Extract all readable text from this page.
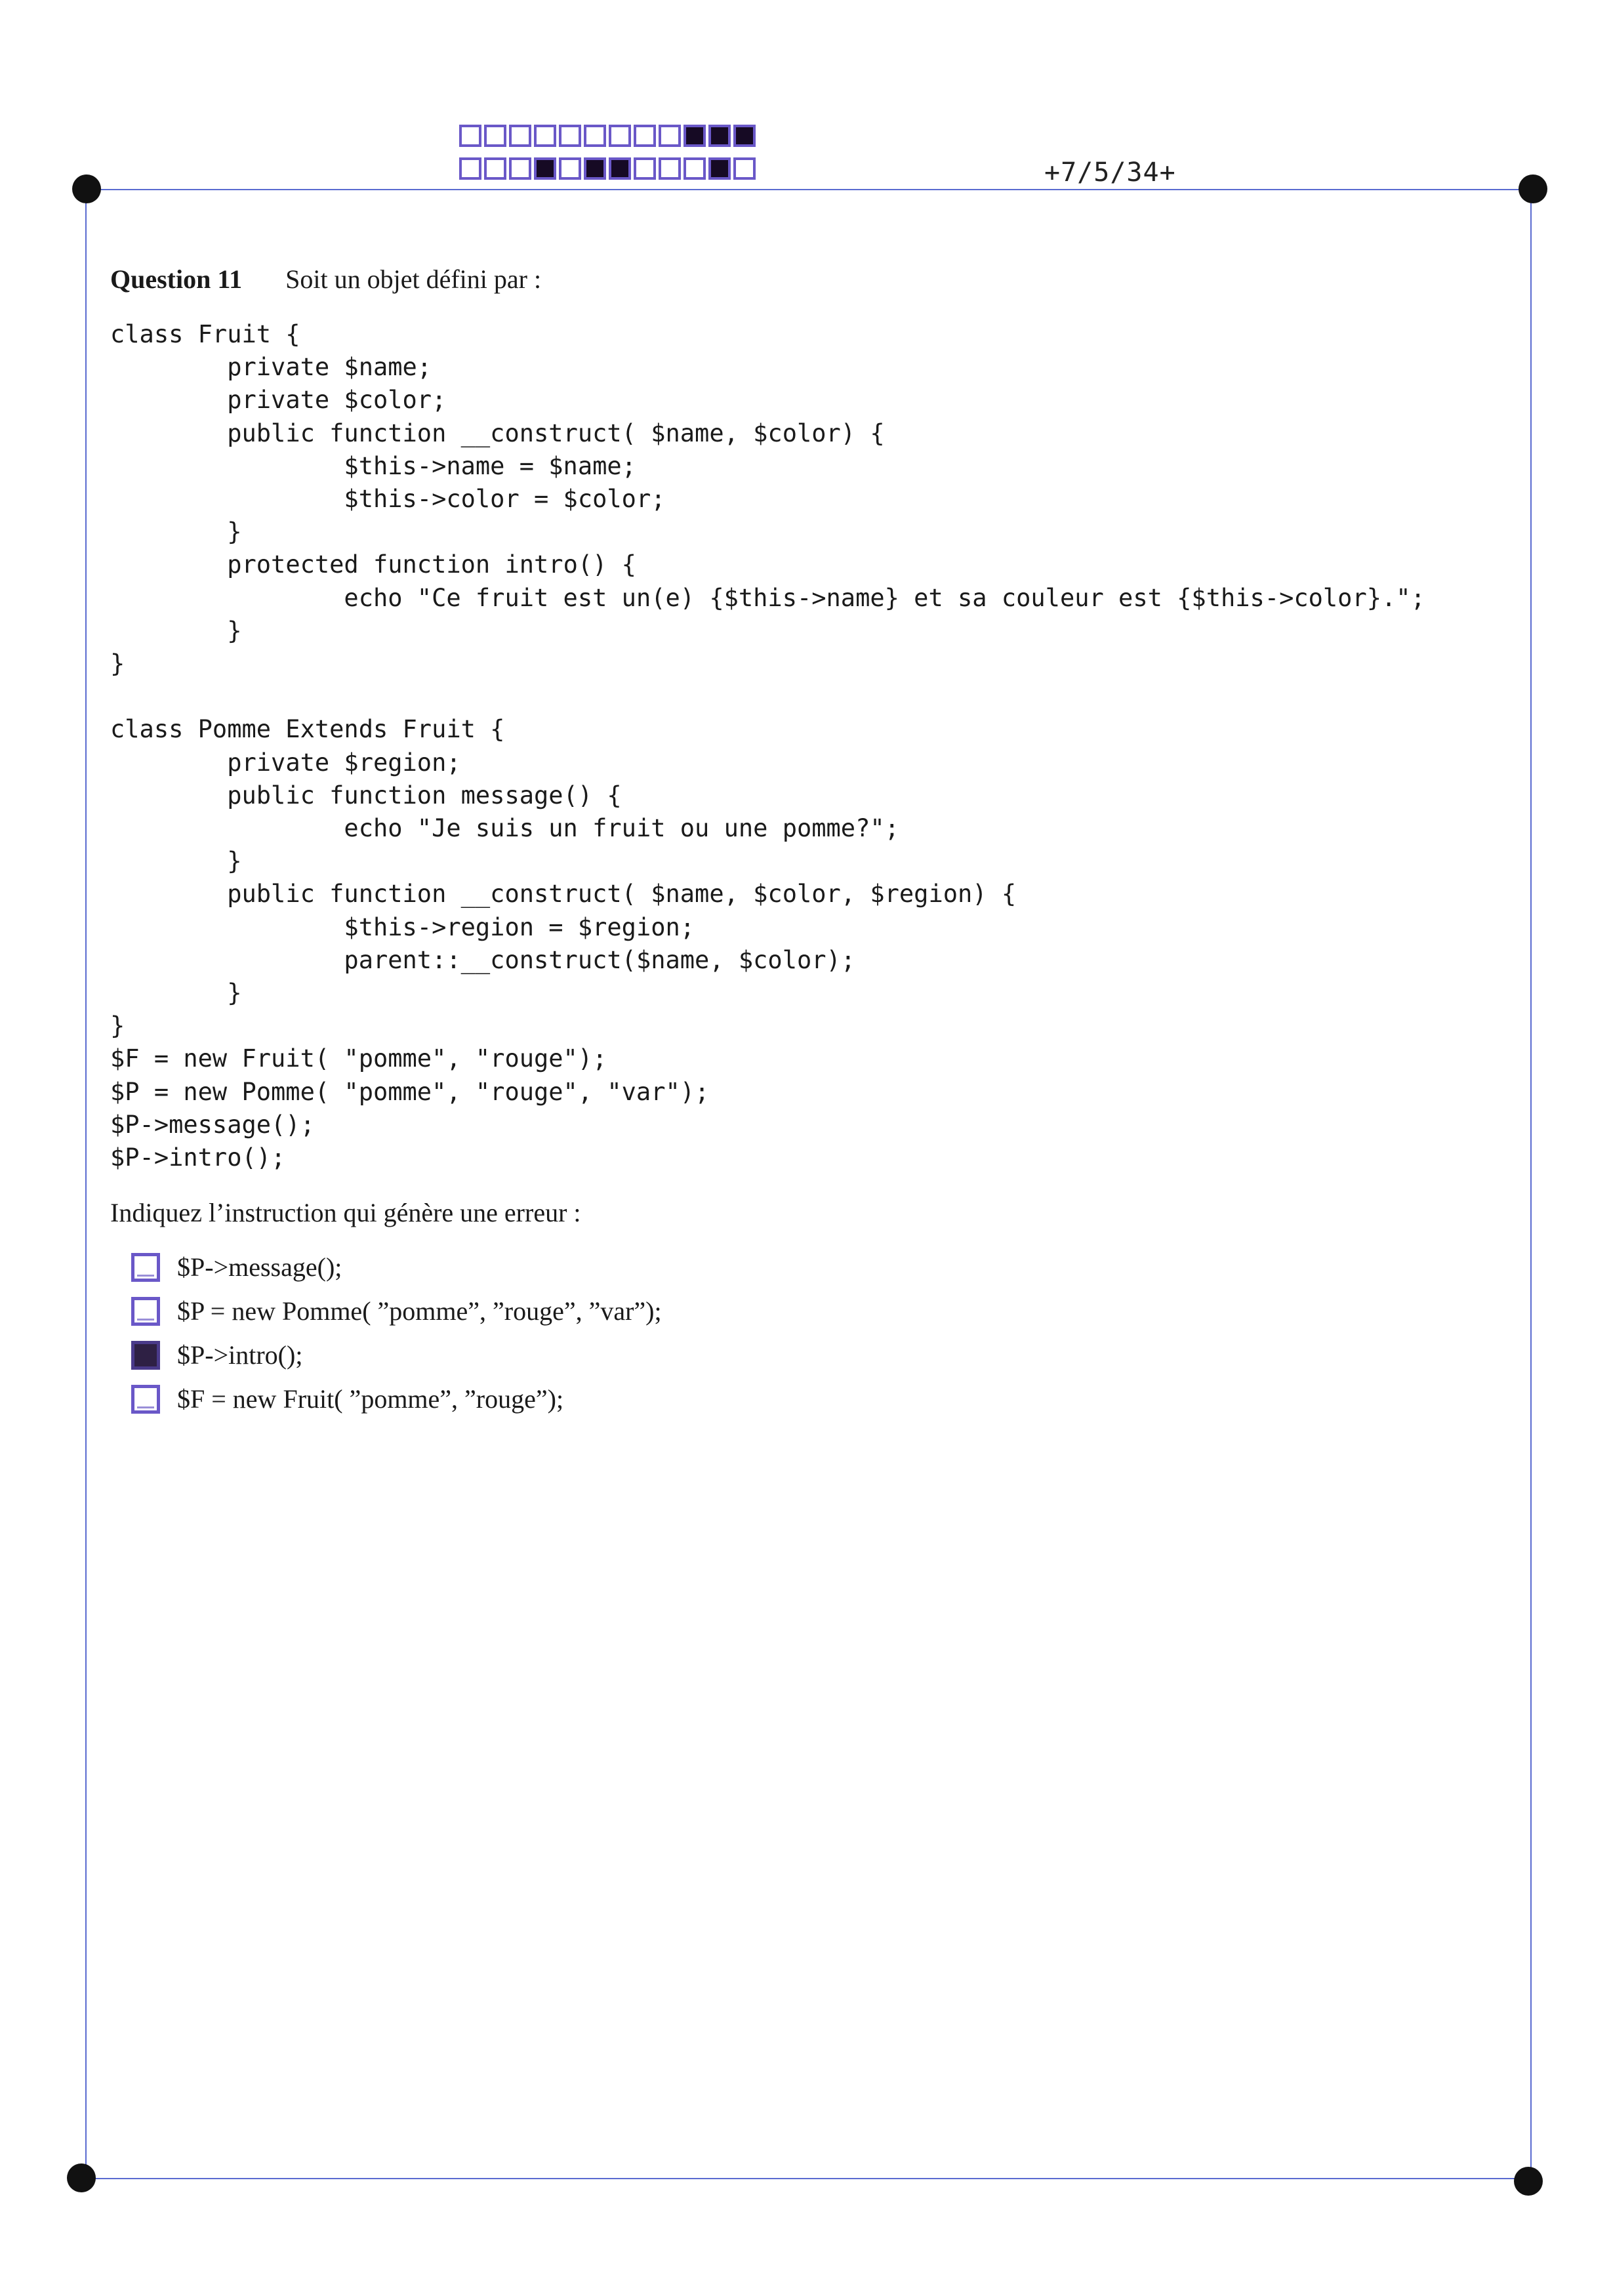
+7/5/34+
Question 11 Soit un objet défini par :
class Fruit {
	private $name;
	private $color;
	public function __construct( $name, $color) {
		$this->name = $name;
		$this->color = $color;
	}
	protected function intro() {
		echo "Ce fruit est un(e) {$this->name} et sa couleur est {$this->color}.";
	}
}

class Pomme Extends Fruit {
	private $region;
	public function message() {
		echo "Je suis un fruit ou une pomme?";
	}
	public function __construct( $name, $color, $region) {
		$this->region = $region;
		parent::__construct($name, $color);
	}
}
$F = new Fruit( "pomme", "rouge");
$P = new Pomme( "pomme", "rouge", "var");
$P->message();
$P->intro();
Indiquez l’instruction qui génère une erreur :
$P->message();
$P = new Pomme( ”pomme”, ”rouge”, ”var”);
$P->intro();
$F = new Fruit( ”pomme”, ”rouge”);
